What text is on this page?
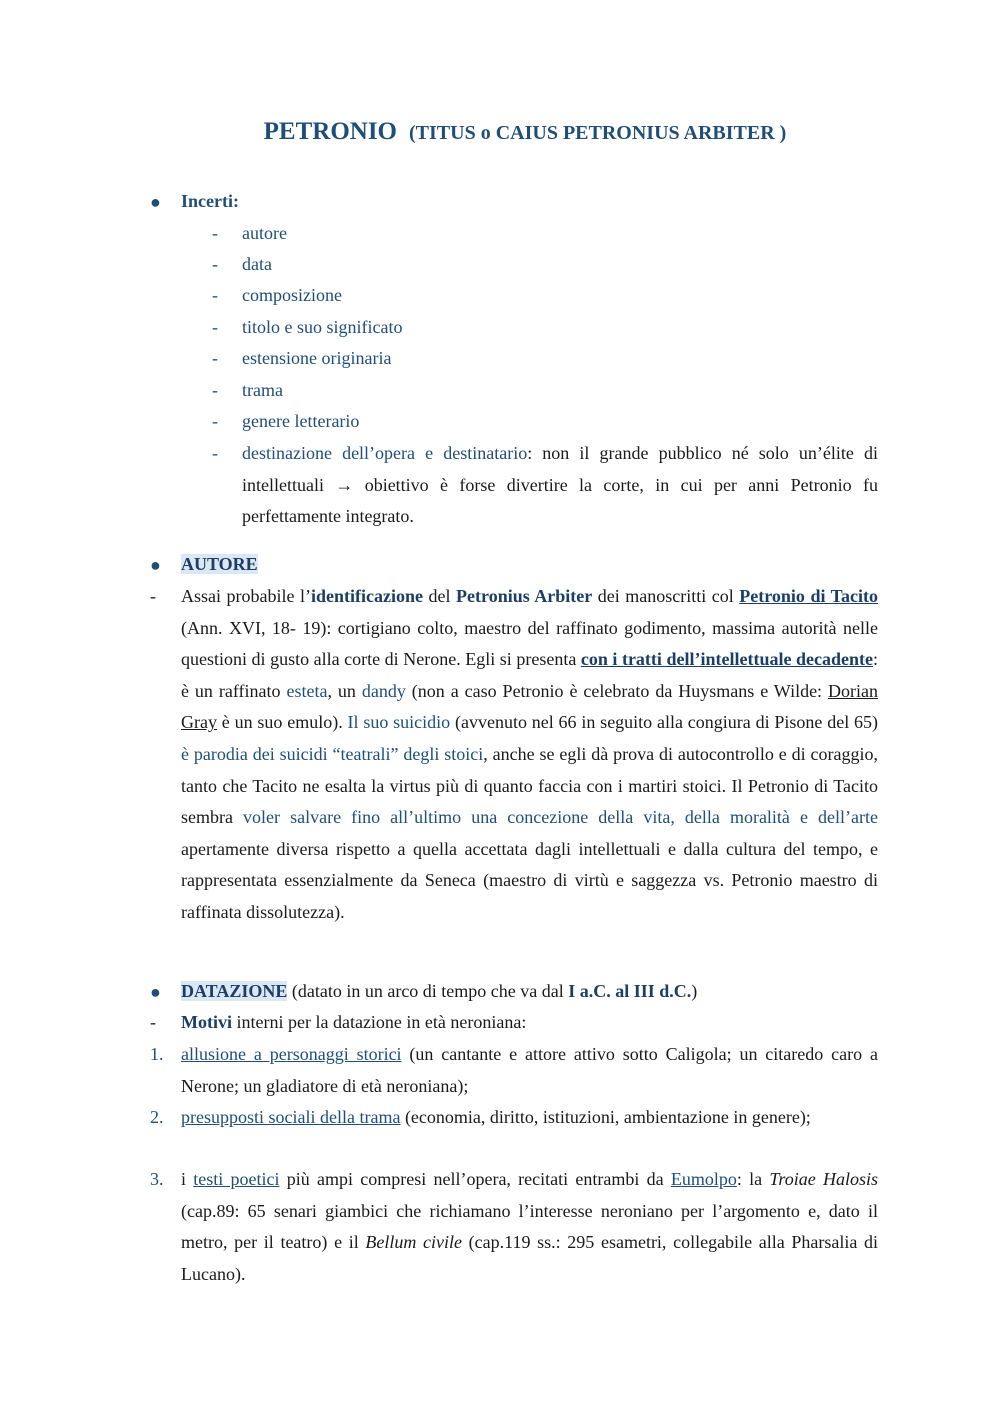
PETRONIO (TITUS o CAIUS PETRONIUS ARBITER )
● Incerti:
- autore
- data
- composizione
- titolo e suo significato
- estensione originaria
- trama
- genere letterario
- destinazione dell’opera e destinatario: non il grande pubblico né solo un’élite di intellettuali → obiettivo è forse divertire la corte, in cui per anni Petronio fu perfettamente integrato.
● AUTORE
- Assai probabile l’identificazione del Petronius Arbiter dei manoscritti col Petronio di Tacito (Ann. XVI, 18- 19): cortigiano colto, maestro del raffinato godimento, massima autorità nelle questioni di gusto alla corte di Nerone. Egli si presenta con i tratti dell’intellettuale decadente: è un raffinato esteta, un dandy (non a caso Petronio è celebrato da Huysmans e Wilde: Dorian Gray è un suo emulo). Il suo suicidio (avvenuto nel 66 in seguito alla congiura di Pisone del 65) è parodia dei suicidi “teatrali” degli stoici, anche se egli dà prova di autocontrollo e di coraggio, tanto che Tacito ne esalta la virtus più di quanto faccia con i martiri stoici. Il Petronio di Tacito sembra voler salvare fino all’ultimo una concezione della vita, della moralità e dell’arte apertamente diversa rispetto a quella accettata dagli intellettuali e dalla cultura del tempo, e rappresentata essenzialmente da Seneca (maestro di virtù e saggezza vs. Petronio maestro di raffinata dissolutezza).
● DATAZIONE (datato in un arco di tempo che va dal I a.C. al III d.C.)
- Motivi interni per la datazione in età neroniana:
1. allusione a personaggi storici (un cantante e attore attivo sotto Caligola; un citaredo caro a Nerone; un gladiatore di età neroniana);
2. presupposti sociali della trama (economia, diritto, istituzioni, ambientazione in genere);
3. i testi poetici più ampi compresi nell’opera, recitati entrambi da Eumolpo: la Troiae Halosis (cap.89: 65 senari giambici che richiamano l’interesse neroniano per l’argomento e, dato il metro, per il teatro) e il Bellum civile (cap.119 ss.: 295 esametri, collegabile alla Pharsalia di Lucano).
